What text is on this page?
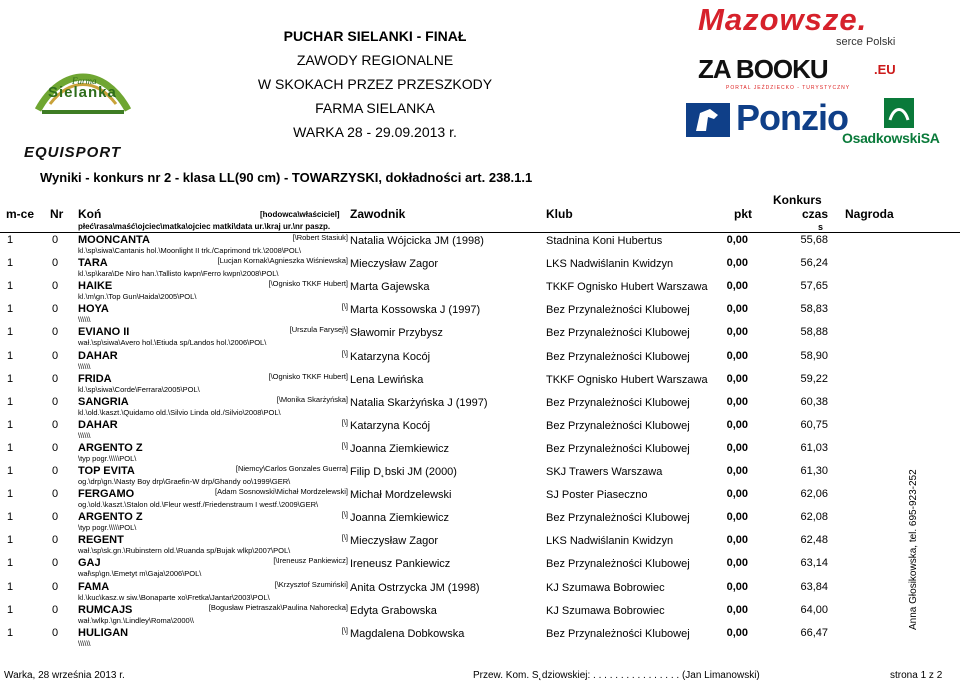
PUCHAR SIELANKI - FINAŁ
ZAWODY REGIONALNE
W SKOKACH PRZEZ PRZESZKODY
FARMA SIELANKA
WARKA 28 - 29.09.2013 r.
Farma
Sielanka
EQUISPORT
Mazowsze.
serce Polski
ZA BOOKU	.EU
PORTAL JEŹDZIECKO - TURYSTYCZNY
Ponzio
OsadkowskiSA
Wyniki - konkurs nr 2 - klasa LL(90 cm) - TOWARZYSKI, dokładności art. 238.1.1
Konkurs
m-ce Nr Koń	[hodowca\właściciel] Zawodnik	Klub	pkt	czas Nagroda
płeć\rasa\maść\ojciec\matka\ojciec matki\data ur.\kraj ur.\nr paszp.	s
1	0 MOONCANTA	[\Robert Stasiuk]
kl.\sp\siwa\Cantanis hol.\Moonlight II trk./Caprimond trk.\2008\POL\
Natalia Wójcicka JM (1998)	Stadnina Koni Hubertus	0,00	55,68
1	0 TARA	[Lucjan Kornak\Agnieszka Wiśniewska]
kl.\sp\kara\De Niro han.\Tallisto kwpn\Ferro kwpn\2008\POL\
Mieczysław Zagor	LKS Nadwiślanin Kwidzyn	0,00	56,24
1	0 HAIKE	[\Ognisko TKKF Hubert]
kl.\m\gn.\Top Gun\Haida\2005\POL\
Marta Gajewska	TKKF Ognisko Hubert Warszawa 0,00	57,65
1	0 HOYA	[\]
\\\\\\
Marta Kossowska J (1997)	Bez Przynależności Klubowej	0,00	58,83
1	0 EVIANO II	[Urszula Farysej\]
wał.\sp\siwa\Avero hol.\Etiuda sp/Landos hol.\2006\POL\
Sławomir Przybysz	Bez Przynależności Klubowej	0,00	58,88
1	0 DAHAR	[\]
\\\\\\
Katarzyna Kocój	Bez Przynależności Klubowej	0,00	58,90
1	0 FRIDA	[\Ognisko TKKF Hubert]
kl.\sp\siwa\Corde\Ferrara\2005\POL\
Lena Lewińska	TKKF Ognisko Hubert Warszawa 0,00	59,22
1	0 SANGRIA	[\Monika Skarżyńska]
kl.\old.\kaszt.\Quidamo old.\Silvio Linda old./Silvio\2008\POL\
Natalia Skarżyńska J (1997)	Bez Przynależności Klubowej	0,00	60,38
1	0 DAHAR	[\]
\\\\\\
Katarzyna Kocój	Bez Przynależności Klubowej	0,00	60,75
1	0 ARGENTO Z	[\]
\typ pogr.\\\\\POL\
Joanna Ziemkiewicz	Bez Przynależności Klubowej	0,00	61,03
1	0 TOP EVITA	[Niemcy\Carlos Gonzales Guerra]
og.\drp\gn.\Nasty Boy drp\Graefin-W drp/Ghandy oo\1999\GER\
Filip D˛bski JM (2000)	SKJ Trawers Warszawa	0,00	61,30
1	0 FERGAMO	[Adam Sosnowski\Michał Mordzelewski]
og.\old.\kaszt.\Stalon old.\Fleur westf./Friedenstraum I westf.\2009\GER\
Michał Mordzelewski	SJ Poster Piaseczno	0,00	62,06
1	0 ARGENTO Z	[\]
\typ pogr.\\\\\POL\
Joanna Ziemkiewicz	Bez Przynależności Klubowej	0,00	62,08
1	0 REGENT	[\]
wał.\sp\sk.gn.\Rubinstern old.\Ruanda sp/Bujak wlkp\2007\POL\
Mieczysław Zagor	LKS Nadwiślanin Kwidzyn	0,00	62,48
1	0 GAJ	[\Ireneusz Pankiewicz]
wał\sp\gn.\Emetyt m\Gaja\2006\POL\
Ireneusz Pankiewicz	Bez Przynależności Klubowej	0,00	63,14
1	0 FAMA	[\Krzysztof Szumiński]
kl.\kuc\kasz.w siw.\Bonaparte xo\Fretka\Jantar\2003\POL\
Anita Ostrzycka JM (1998)	KJ Szumawa Bobrowiec	0,00	63,84
1	0 RUMCAJS	[Bogusław Pietraszak\Paulina Nahorecka]
wał.\wlkp.\gn.\Lindley\Roma\2000\\
Edyta Grabowska	KJ Szumawa Bobrowiec	0,00	64,00
1	0 HULIGAN	[\]
\\\\\\
Magdalena Dobkowska	Bez Przynależności Klubowej	0,00	66,47
Anna Głosikowska, tel. 695-923-252
Warka, 28 września 2013 r.	Przew. Kom. S˛dziowskiej: . . . . . . . . . . . . . . . . (Jan Limanowski)	strona 1 z 2
